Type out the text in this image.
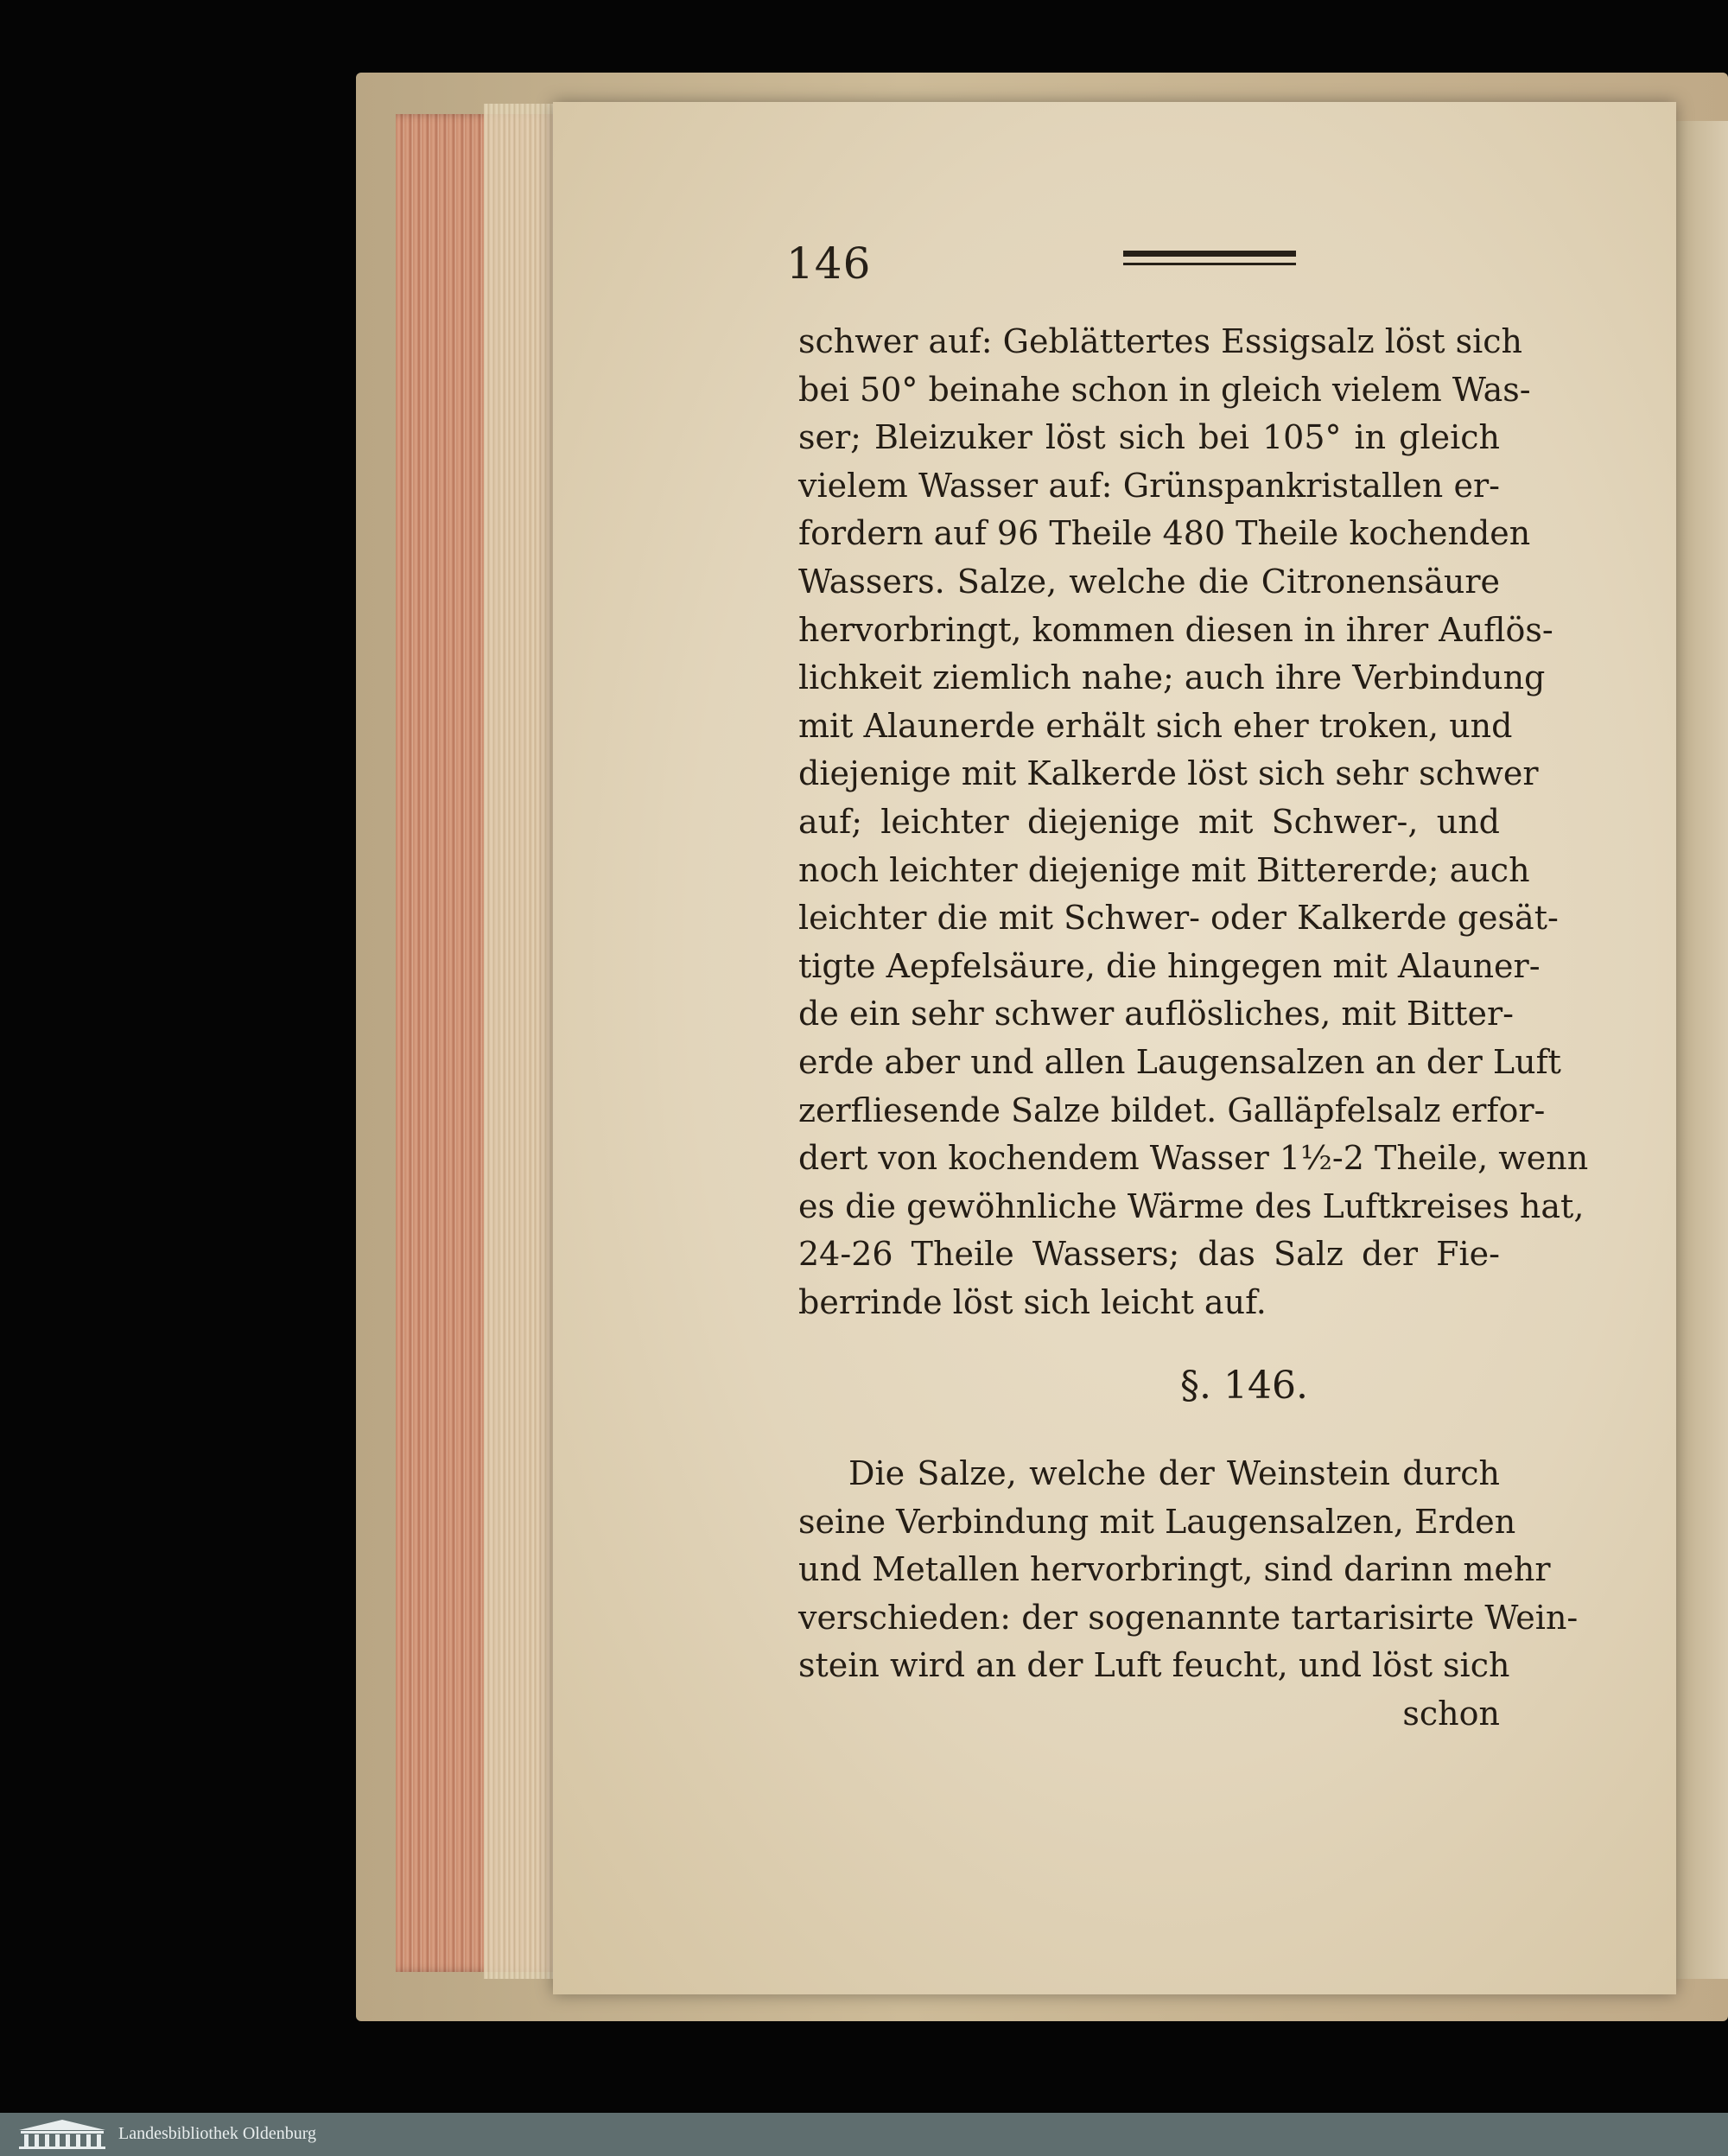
146
schwer auf: Geblättertes Essigsalz löst sich
bei 50° beinahe schon in gleich vielem Was-
ser; Bleizuker löst sich bei 105° in gleich
vielem Wasser auf: Grünspankristallen er-
fordern auf 96 Theile 480 Theile kochenden
Wassers. Salze, welche die Citronensäure
hervorbringt, kommen diesen in ihrer Auflös-
lichkeit ziemlich nahe; auch ihre Verbindung
mit Alaunerde erhält sich eher troken, und
diejenige mit Kalkerde löst sich sehr schwer
auf; leichter diejenige mit Schwer-, und
noch leichter diejenige mit Bittererde; auch
leichter die mit Schwer- oder Kalkerde gesät-
tigte Aepfelsäure, die hingegen mit Alauner-
de ein sehr schwer auflösliches, mit Bitter-
erde aber und allen Laugensalzen an der Luft
zerfliesende Salze bildet. Galläpfelsalz erfor-
dert von kochendem Wasser 1½-2 Theile, wenn
es die gewöhnliche Wärme des Luftkreises hat,
24-26 Theile Wassers; das Salz der Fie-
berrinde löst sich leicht auf.
§. 146.
Die Salze, welche der Weinstein durch
seine Verbindung mit Laugensalzen, Erden
und Metallen hervorbringt, sind darinn mehr
verschieden: der sogenannte tartarisirte Wein-
stein wird an der Luft feucht, und löst sich
schon
Landesbibliothek Oldenburg
